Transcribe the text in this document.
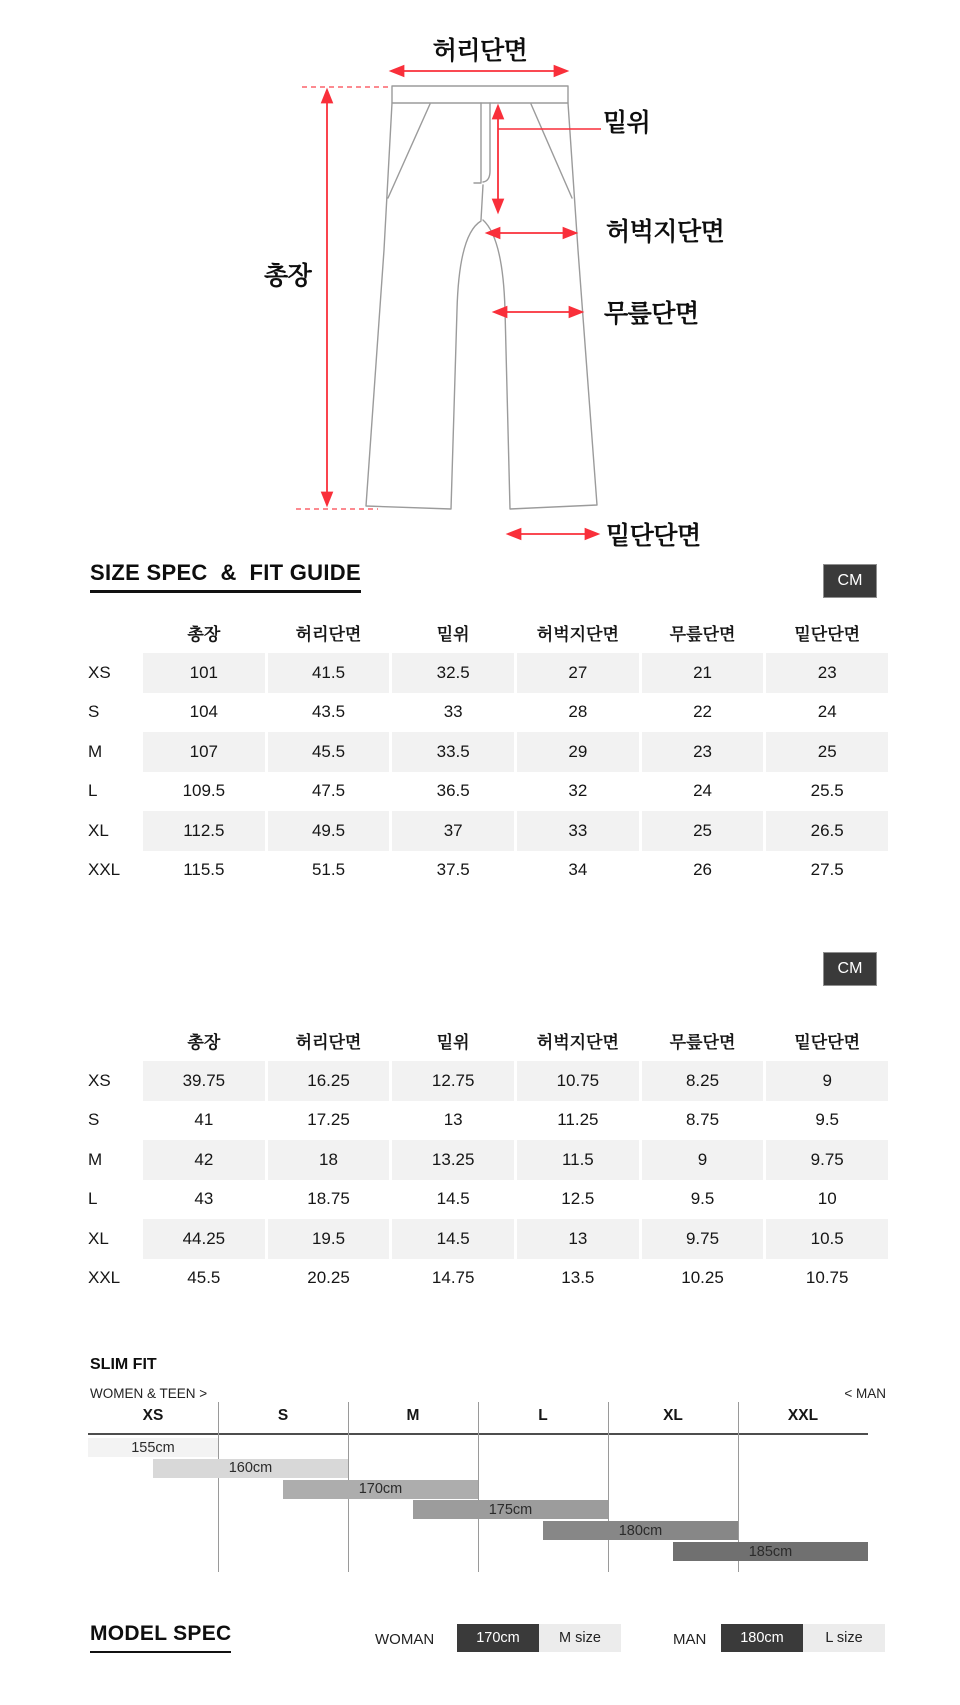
허리단면
밑위
허벅지단면
무릎단면
총장
밑단단면
SIZE SPEC  &  FIT GUIDE	CM
CM
총장	허리단면	밑위	허벅지단면	무릎단면	밑단단면
XS	101	41.5	32.5	27	21	23
S	104	43.5	33	28	22	24
M	107	45.5	33.5	29	23	25
L	109.5	47.5	36.5	32	24	25.5
XL	112.5	49.5	37	33	25	26.5
XXL	115.5	51.5	37.5	34	26	27.5
총장	허리단면	밑위	허벅지단면	무릎단면	밑단단면
XS	39.75	16.25	12.75	10.75	8.25	9
S	41	17.25	13	11.25	8.75	9.5
M	42	18	13.25	11.5	9	9.75
L	43	18.75	14.5	12.5	9.5	10
XL	44.25	19.5	14.5	13	9.75	10.5
XXL	45.5	20.25	14.75	13.5	10.25	10.75
SLIM FIT
WOMEN & TEEN >	< MAN
XS	S	M	L	XL	XXL
155cm
160cm
170cm
175cm
180cm
185cm
MODEL SPEC	WOMAN	170cm	M size	MAN	180cm	L size
